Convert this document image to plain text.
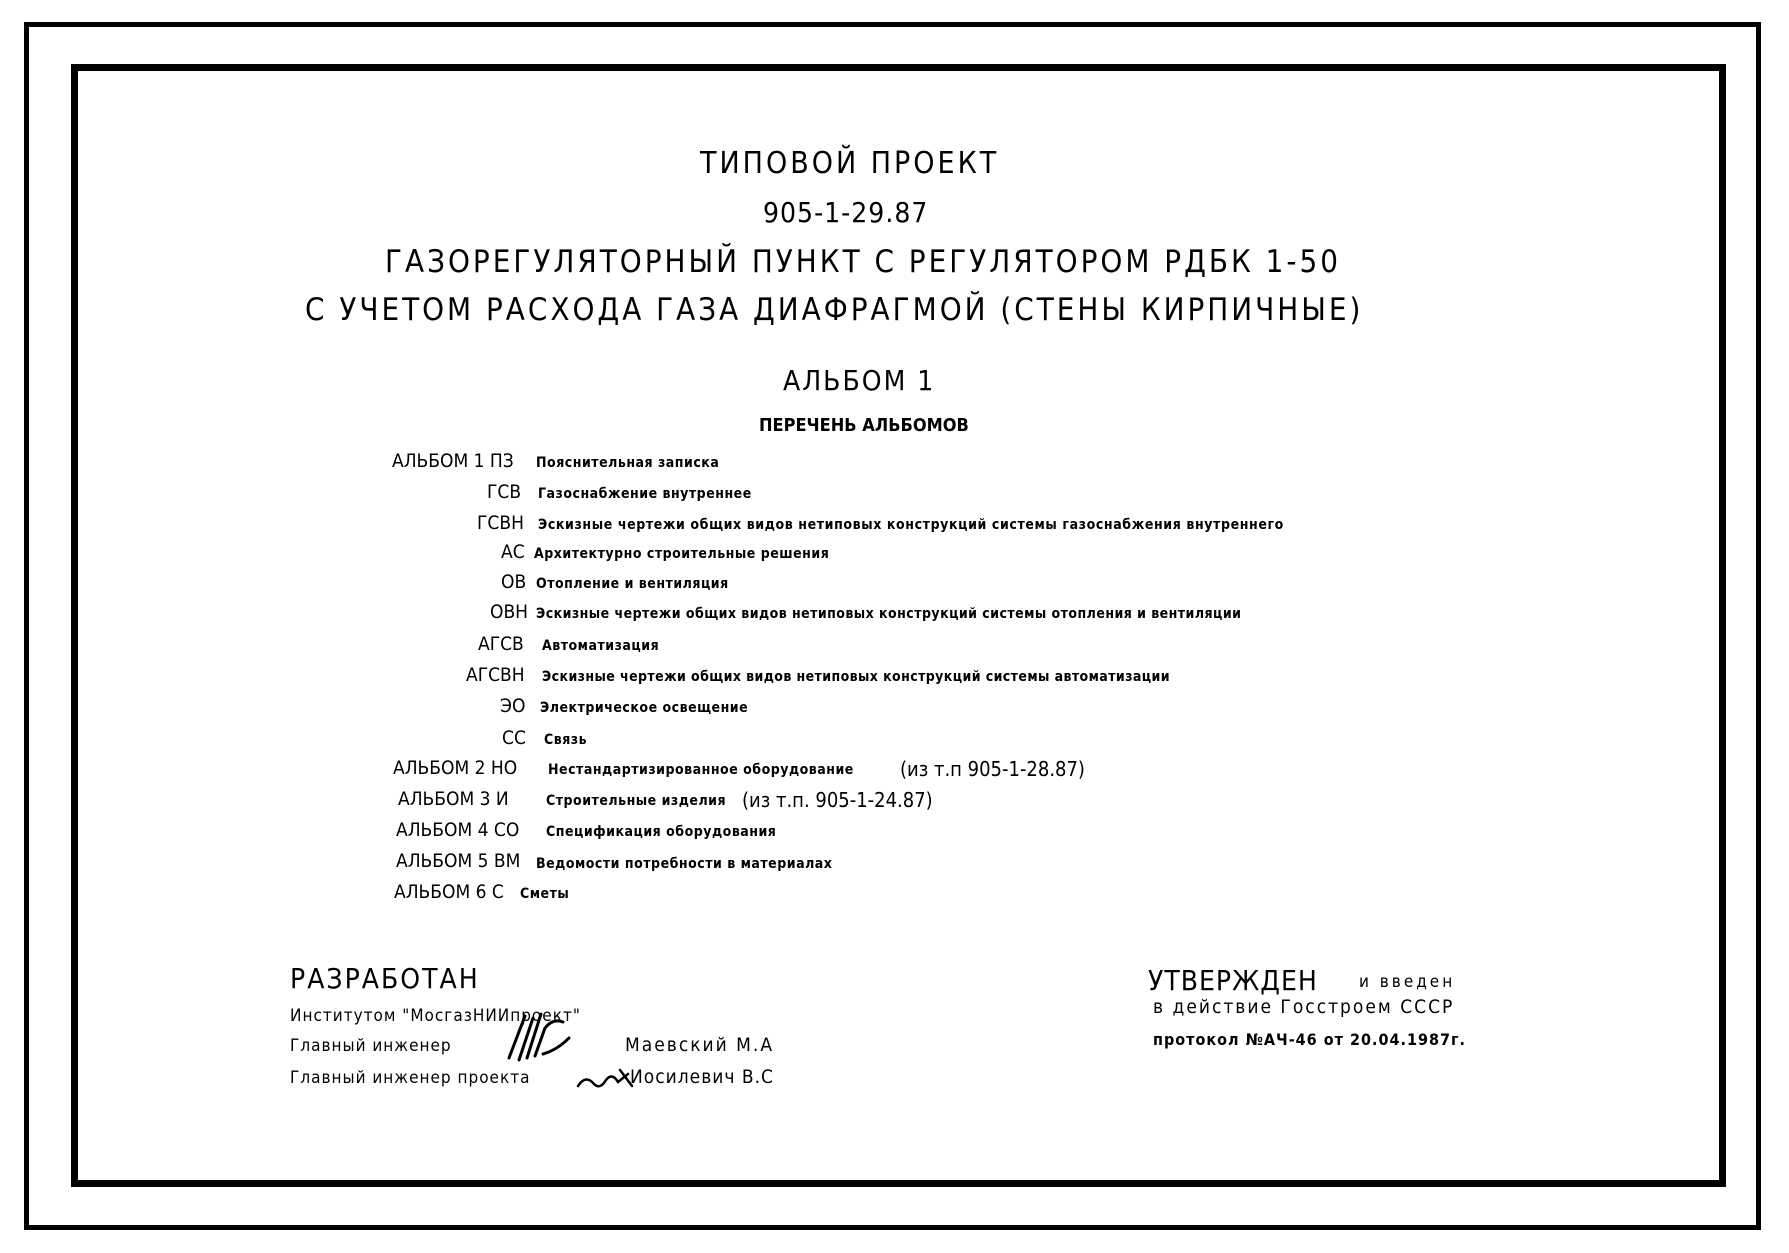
ТИПОВОЙ ПРОЕКТ
905-1-29.87
ГАЗОРЕГУЛЯТОРНЫЙ ПУНКТ С РЕГУЛЯТОРОМ РДБК 1-50
С УЧЕТОМ РАСХОДА ГАЗА ДИАФРАГМОЙ (СТЕНЫ КИРПИЧНЫЕ)
АЛЬБОМ 1
ПЕРЕЧЕНЬ АЛЬБОМОВ
АЛЬБОМ 1 ПЗ Пояснительная записка
ГСВ Газоснабжение внутреннее
ГСВН Эскизные чертежи общих видов нетиповых конструкций системы газоснабжения внутреннего
АС Архитектурно строительные решения
ОВ Отопление и вентиляция
ОВН Эскизные чертежи общих видов нетиповых конструкций системы отопления и вентиляции
АГСВ Автоматизация
АГСВН Эскизные чертежи общих видов нетиповых конструкций системы автоматизации
ЭО Электрическое освещение
СС Связь
АЛЬБОМ 2 НО Нестандартизированное оборудование (из т.п 905-1-28.87)
АЛЬБОМ 3 И	Строительные изделия (из т.п. 905-1-24.87)
АЛЬБОМ 4 СО Спецификация оборудования
АЛЬБОМ 5 ВМ Ведомости потребности в материалах
АЛЬБОМ 6 С Сметы
РАЗРАБОТАН
Институтом "МосгазНИИпроект"
Главный инженер	Маевский М.А
Главный инженер проекта	Иосилевич В.С
УТВЕРЖДЕН и введен
в действие Госстроем СССР
протокол №АЧ-46 от 20.04.1987г.
